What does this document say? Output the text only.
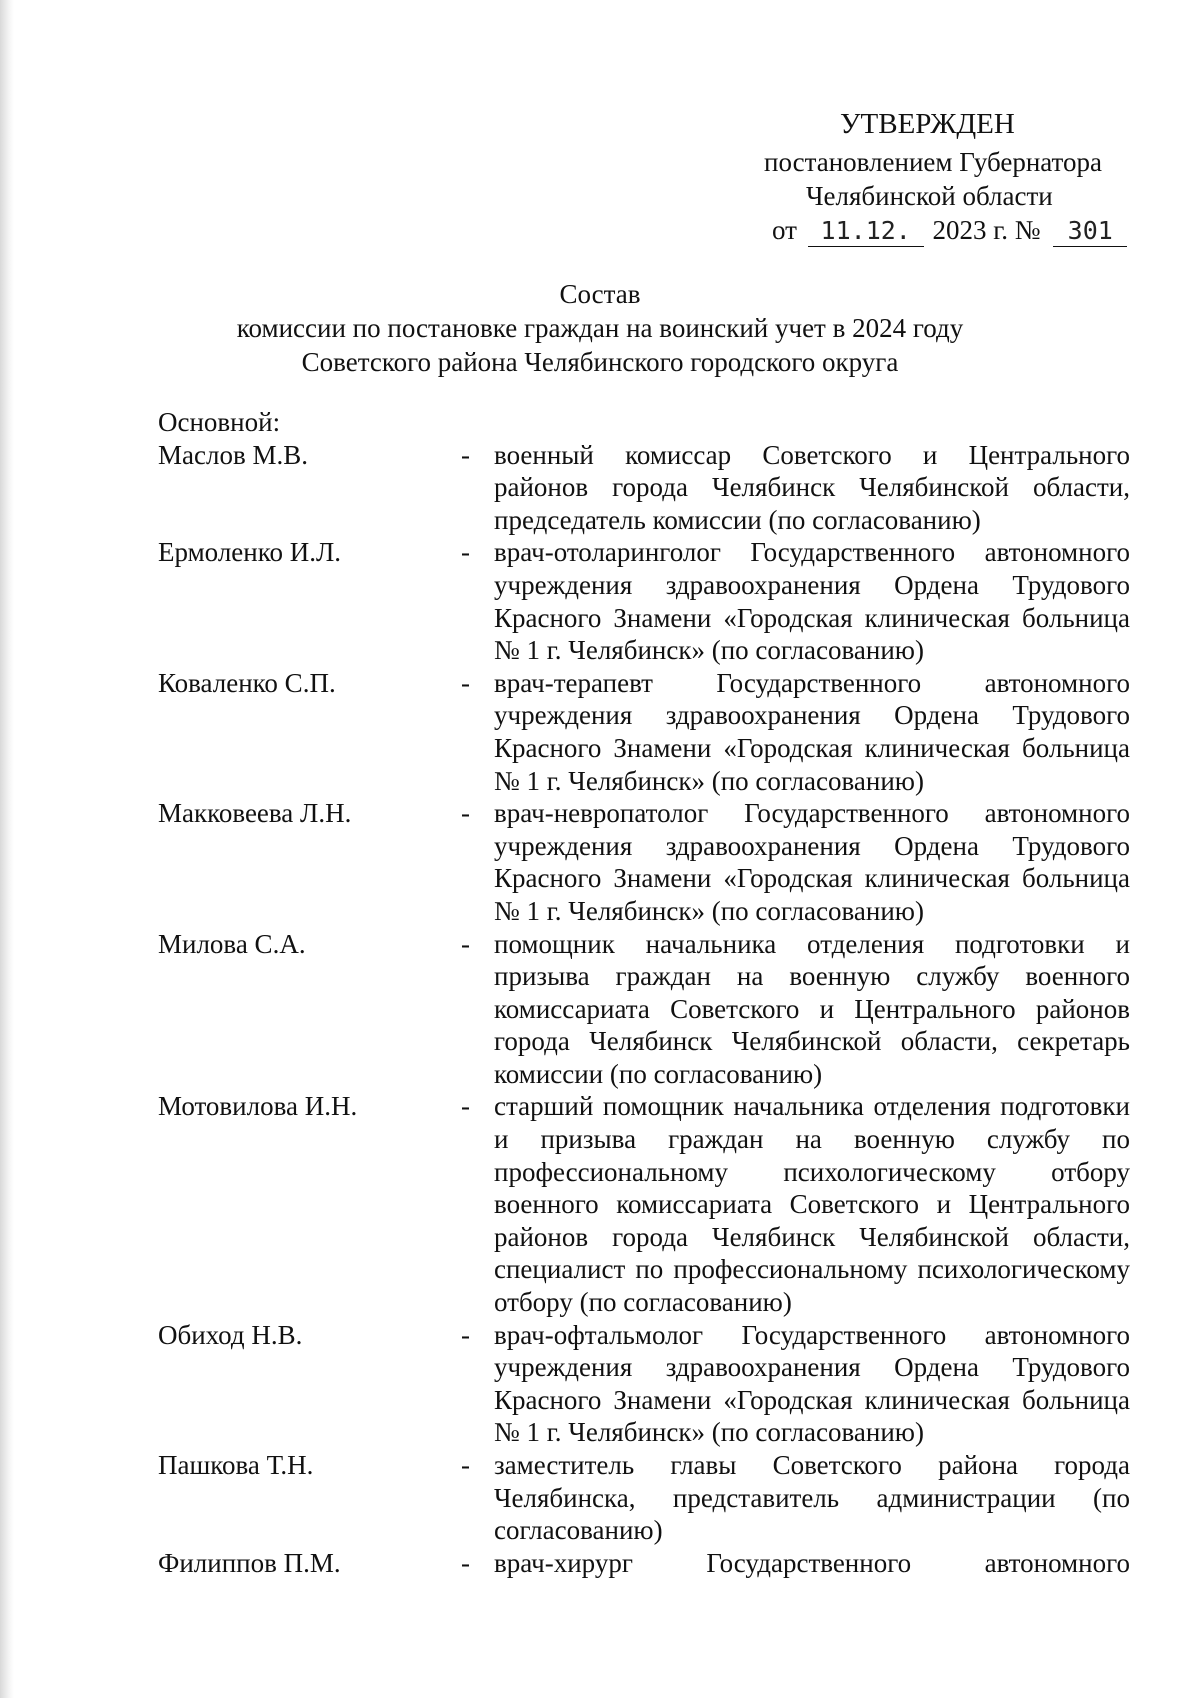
УТВЕРЖДЕН
постановлением Губернатора
Челябинской области
от 11.12. 2023 г. № 301
Состав
комиссии по постановке граждан на воинский учет в 2024 году
Советского района Челябинского городского округа
Основной:
Маслов М.В.	- военный комиссар Советского и Центрального районов города Челябинск Челябинской области, председатель комиссии (по согласованию)
Ермоленко И.Л.	- врач-отоларинголог Государственного автономного учреждения здравоохранения Ордена Трудового Красного Знамени «Городская клиническая больница № 1 г. Челябинск» (по согласованию)
Коваленко С.П.	- врач-терапевт Государственного автономного учреждения здравоохранения Ордена Трудового Красного Знамени «Городская клиническая больница № 1 г. Челябинск» (по согласованию)
Макковеева Л.Н.	- врач-невропатолог Государственного автономного учреждения здравоохранения Ордена Трудового Красного Знамени «Городская клиническая больница № 1 г. Челябинск» (по согласованию)
Милова С.А.	- помощник начальника отделения подготовки и призыва граждан на военную службу военного комиссариата Советского и Центрального районов города Челябинск Челябинской области, секретарь комиссии (по согласованию)
Мотовилова И.Н.	- старший помощник начальника отделения подготовки и призыва граждан на военную службу по профессиональному психологическому отбору военного комиссариата Советского и Центрального районов города Челябинск Челябинской области, специалист по профессиональному психологическому отбору (по согласованию)
Обиход Н.В.	- врач-офтальмолог Государственного автономного учреждения здравоохранения Ордена Трудового Красного Знамени «Городская клиническая больница № 1 г. Челябинск» (по согласованию)
Пашкова Т.Н.	- заместитель главы Советского района города Челябинска, представитель администрации (по согласованию)
Филиппов П.М.	- врач-хирург Государственного автономного
